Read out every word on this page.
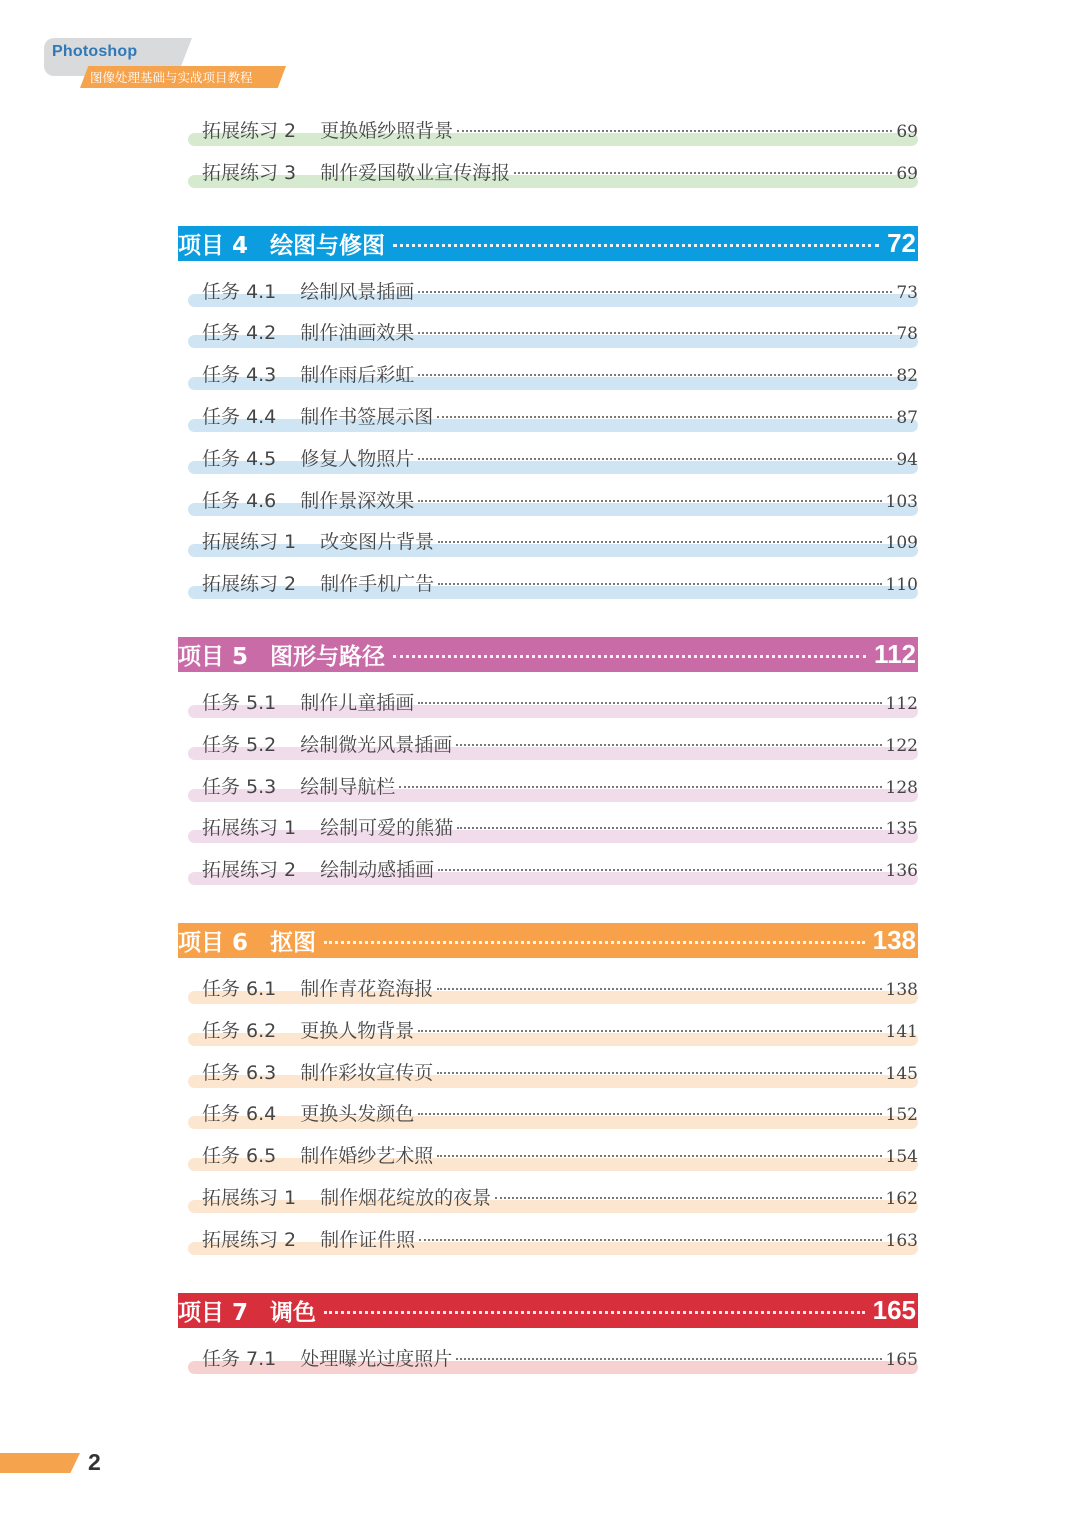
Photoshop
图像处理基础与实战项目教程
拓展练习 2 更换婚纱照背景	69
拓展练习 3 制作爱国敬业宣传海报	69
项目 4 绘图与修图	72
任务 4.1 绘制风景插画	73
任务 4.2 制作油画效果	78
任务 4.3 制作雨后彩虹	82
任务 4.4 制作书签展示图	87
任务 4.5 修复人物照片	94
任务 4.6 制作景深效果	103
拓展练习 1 改变图片背景	109
拓展练习 2 制作手机广告	110
项目 5 图形与路径	112
任务 5.1 制作儿童插画	112
任务 5.2 绘制微光风景插画	122
任务 5.3 绘制导航栏	128
拓展练习 1 绘制可爱的熊猫	135
拓展练习 2 绘制动感插画	136
项目 6 抠图	138
任务 6.1 制作青花瓷海报	138
任务 6.2 更换人物背景	141
任务 6.3 制作彩妆宣传页	145
任务 6.4 更换头发颜色	152
任务 6.5 制作婚纱艺术照	154
拓展练习 1 制作烟花绽放的夜景	162
拓展练习 2 制作证件照	163
项目 7 调色	165
任务 7.1 处理曝光过度照片	165
2
